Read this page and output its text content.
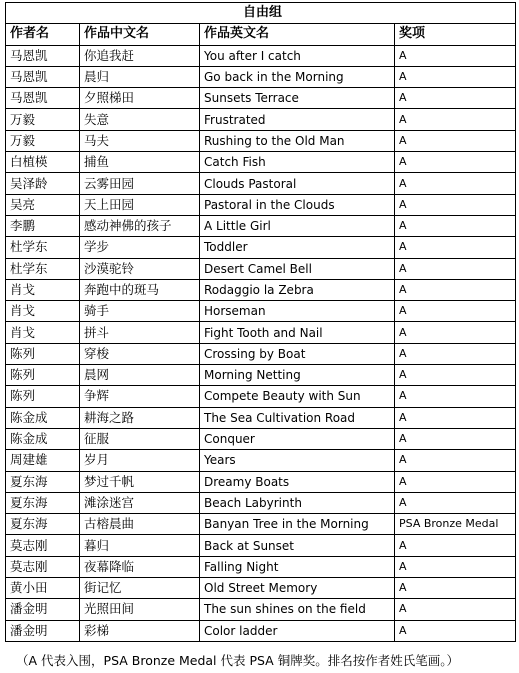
自由组			
作者名	作品中文名	作品英文名	奖项
马恩凯	你追我赶	You after I catch	A
马恩凯	晨归	Go back in the Morning	A
马恩凯	夕照梯田	Sunsets Terrace	A
万毅	失意	Frustrated	A
万毅	马夫	Rushing to the Old Man	A
白植楧	捕鱼	Catch Fish	A
吴泽龄	云雾田园	Clouds Pastoral	A
吴亮	天上田园	Pastoral in the Clouds	A
李鹏	感动神佛的孩子	A Little Girl	A
杜学东	学步	Toddler	A
杜学东	沙漠驼铃	Desert Camel Bell	A
肖戈	奔跑中的斑马	Rodaggio la Zebra	A
肖戈	骑手	Horseman	A
肖戈	拼斗	Fight Tooth and Nail	A
陈列	穿梭	Crossing by Boat	A
陈列	晨网	Morning Netting	A
陈列	争辉	Compete Beauty with Sun	A
陈金成	耕海之路	The Sea Cultivation Road	A
陈金成	征服	Conquer	A
周建雄	岁月	Years	A
夏东海	梦过千帆	Dreamy Boats	A
夏东海	滩涂迷宫	Beach Labyrinth	A
夏东海	古榕晨曲	Banyan Tree in the Morning	PSA Bronze Medal
莫志刚	暮归	Back at Sunset	A
莫志刚	夜幕降临	Falling Night	A
黄小田	街记忆	Old Street Memory	A
潘金明	光照田间	The sun shines on the field	A
潘金明	彩梯	Color ladder	A
（A 代表入围，PSA Bronze Medal 代表 PSA 铜牌奖。排名按作者姓氏笔画。）
